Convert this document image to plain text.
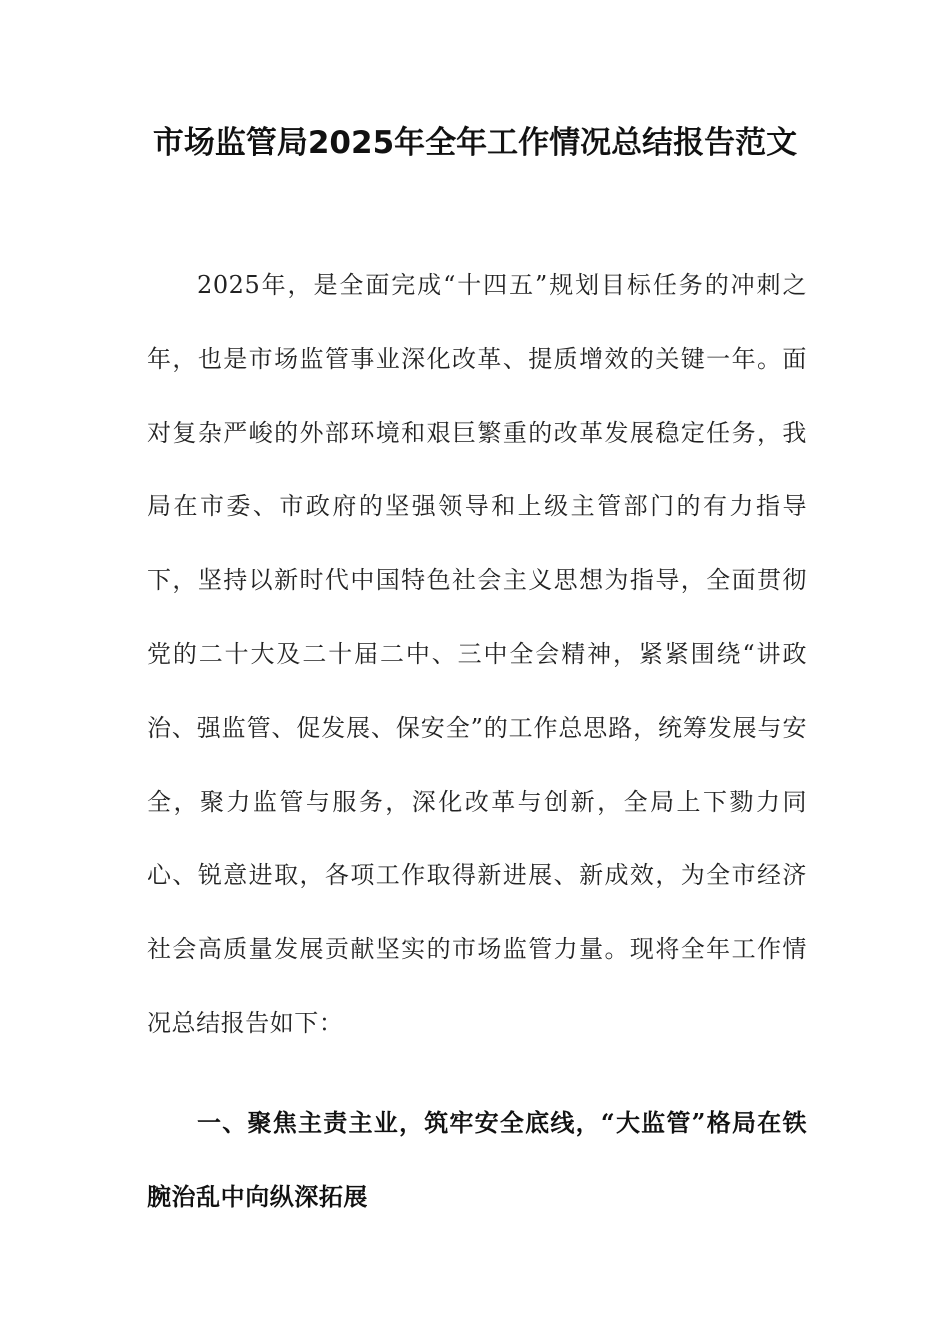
市场监管局2025年全年工作情况总结报告范文
2025年，是全面完成“十四五”规划目标任务的冲刺之年，也是市场监管事业深化改革、提质增效的关键一年。面对复杂严峻的外部环境和艰巨繁重的改革发展稳定任务，我局在市委、市政府的坚强领导和上级主管部门的有力指导下，坚持以新时代中国特色社会主义思想为指导，全面贯彻党的二十大及二十届二中、三中全会精神，紧紧围绕“讲政治、强监管、促发展、保安全”的工作总思路，统筹发展与安全，聚力监管与服务，深化改革与创新，全局上下勠力同心、锐意进取，各项工作取得新进展、新成效，为全市经济社会高质量发展贡献坚实的市场监管力量。现将全年工作情况总结报告如下：
一、聚焦主责主业，筑牢安全底线，“大监管”格局在铁腕治乱中向纵深拓展
